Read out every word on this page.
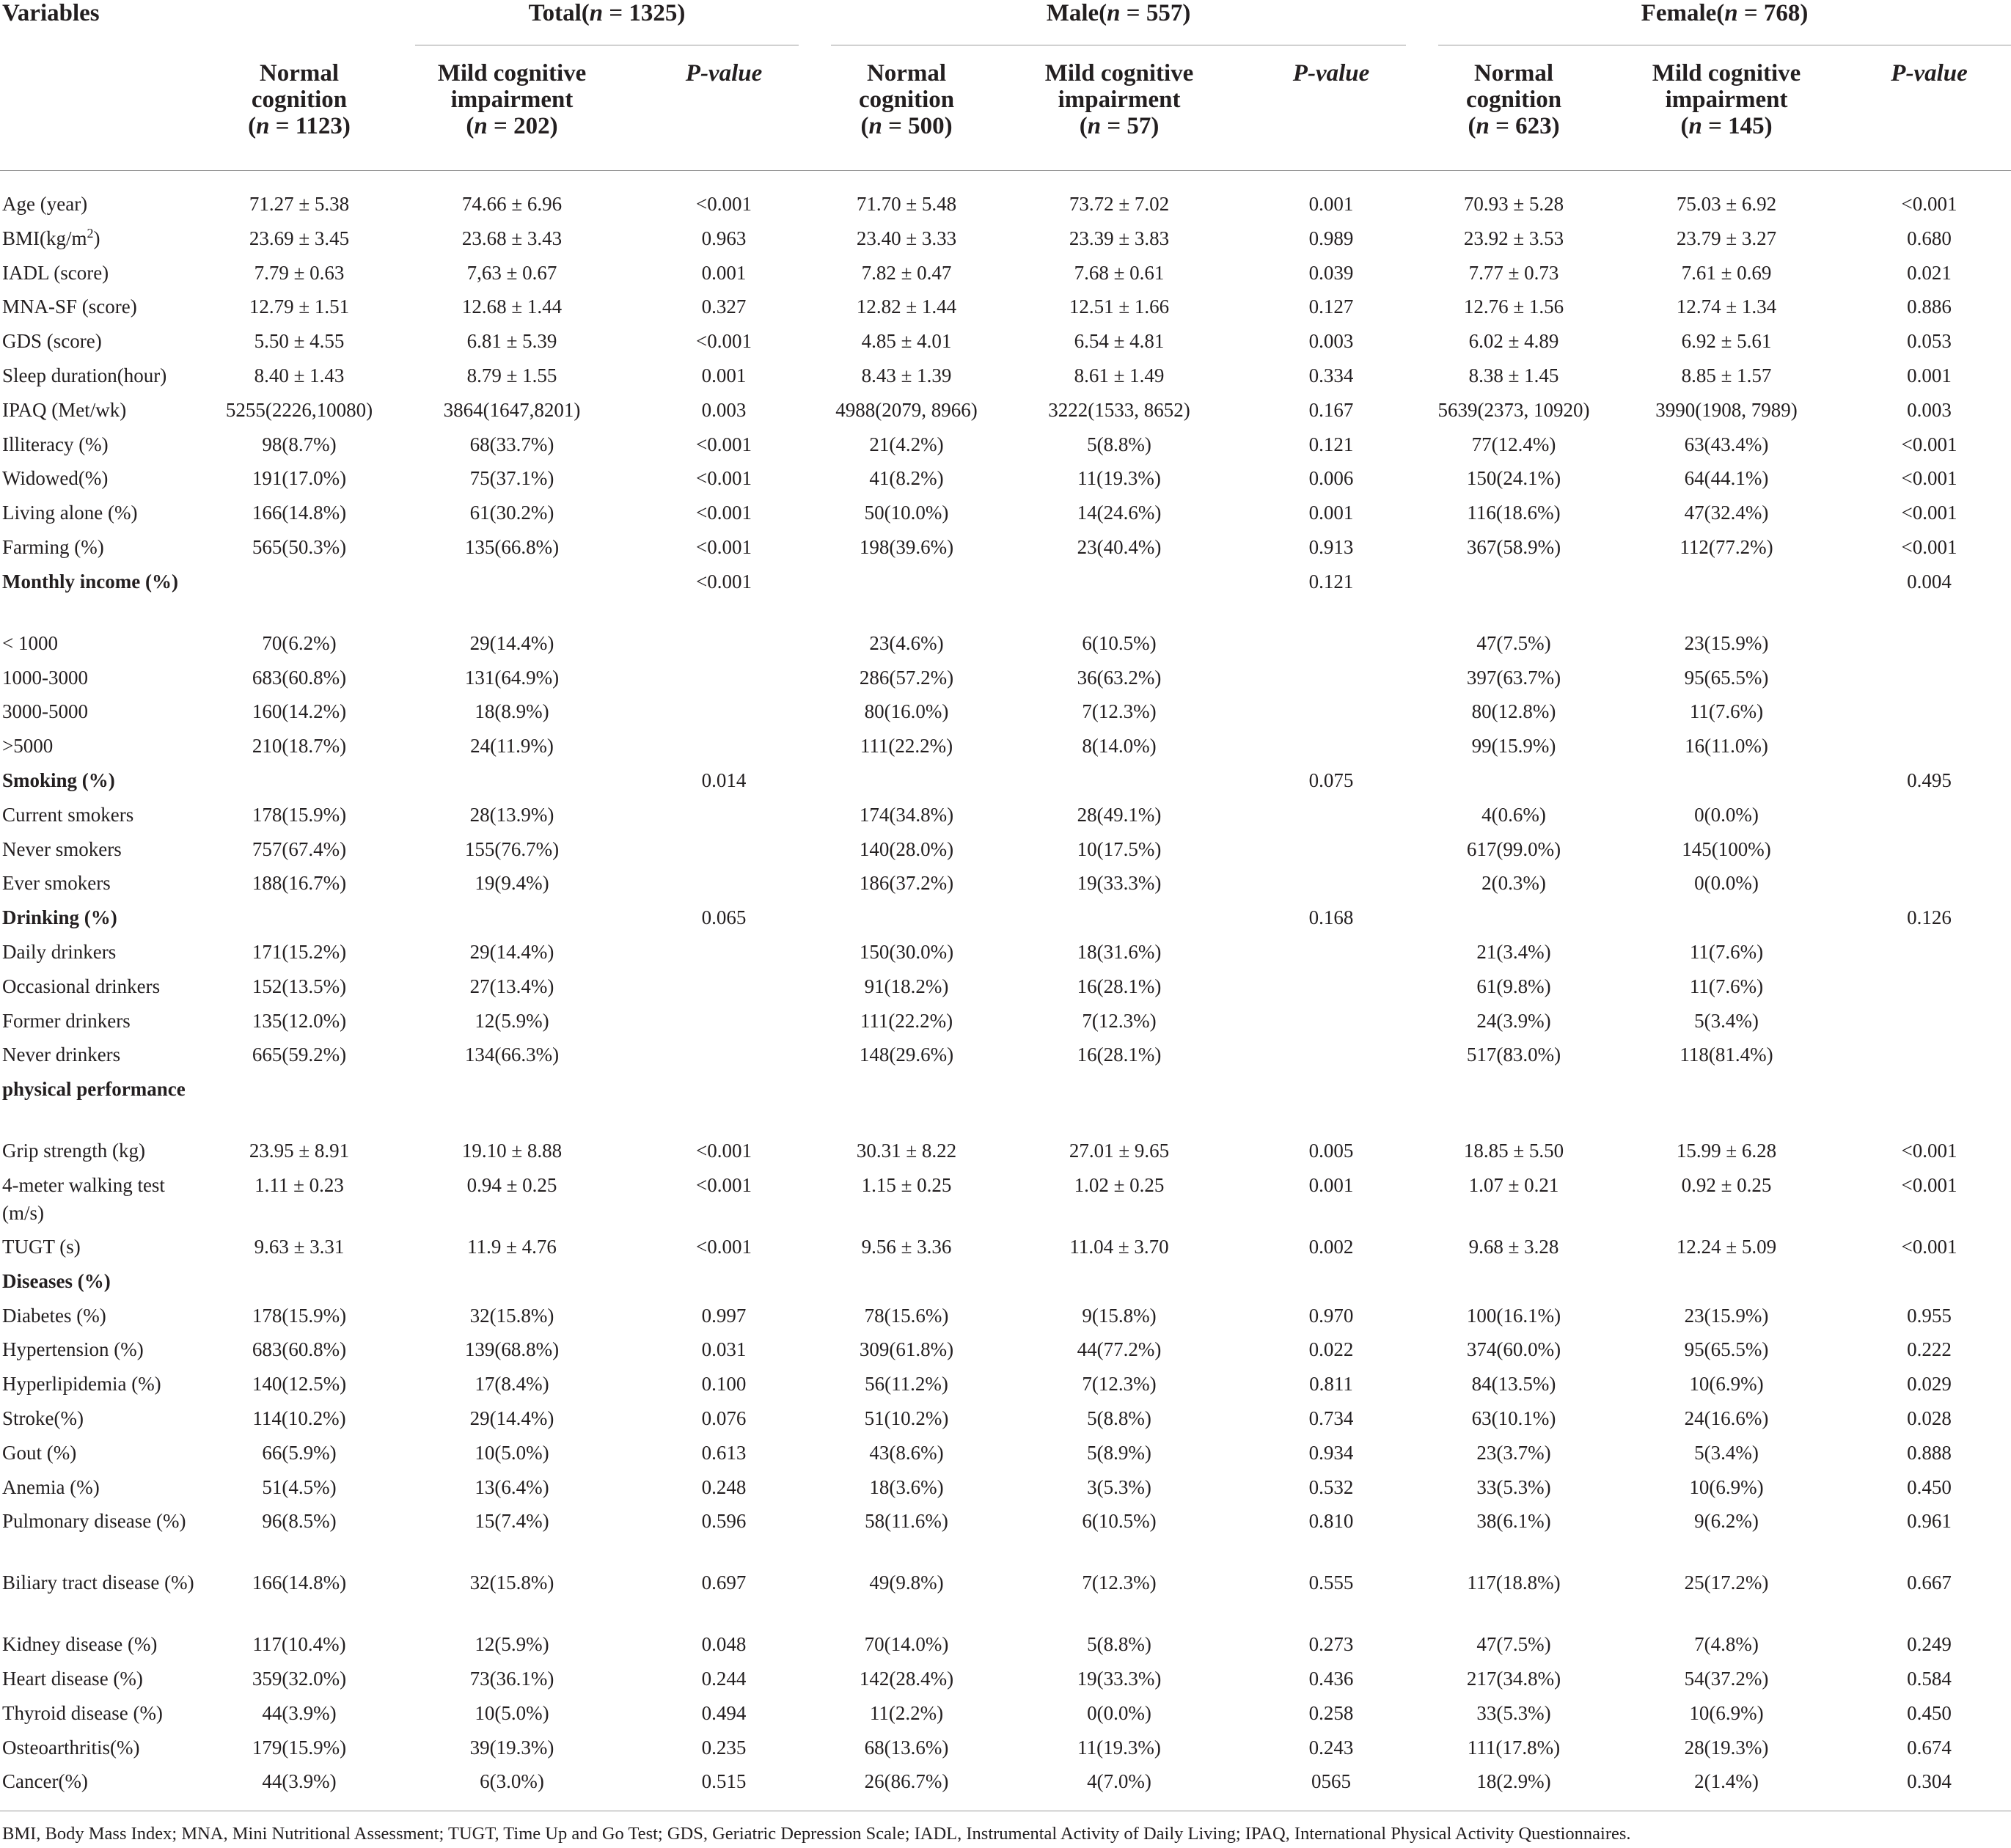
Variables	Total(n = 1325)			Male(n = 557)			Female(n = 768)		

	Normal
cognition
(n = 1123)	Mild cognitive
impairment
(n = 202)	P-value	Normal
cognition
(n = 500)	Mild cognitive
impairment
(n = 57)	P-value	Normal
cognition
(n = 623)	Mild cognitive
impairment
(n = 145)	P-value
Age (year)	71.27 ± 5.38	74.66 ± 6.96	<0.001	71.70 ± 5.48	73.72 ± 7.02	0.001	70.93 ± 5.28	75.03 ± 6.92	<0.001
$BMI(kg/m^2)$	23.69 ± 3.45	23.68 ± 3.43	0.963	23.40 ± 3.33	23.39 ± 3.83	0.989	23.92 ± 3.53	23.79 ± 3.27	0.680
IADL (score)	7.79 ± 0.63	7,63 ± 0.67	0.001	7.82 ± 0.47	7.68 ± 0.61	0.039	7.77 ± 0.73	7.61 ± 0.69	0.021
MNA-SF (score)	12.79 ± 1.51	12.68 ± 1.44	0.327	12.82 ± 1.44	12.51 ± 1.66	0.127	12.76 ± 1.56	12.74 ± 1.34	0.886
GDS (score)	5.50 ± 4.55	6.81 ± 5.39	<0.001	4.85 ± 4.01	6.54 ± 4.81	0.003	6.02 ± 4.89	6.92 ± 5.61	0.053
Sleep duration(hour)	8.40 ± 1.43	8.79 ± 1.55	0.001	8.43 ± 1.39	8.61 ± 1.49	0.334	8.38 ± 1.45	8.85 ± 1.57	0.001
IPAQ (Met/wk)	5255(2226,10080)	3864(1647,8201)	0.003	4988(2079, 8966)	3222(1533, 8652)	0.167	5639(2373, 10920)	3990(1908, 7989)	0.003
Illiteracy (%)	98(8.7%)	68(33.7%)	<0.001	21(4.2%)	5(8.8%)	0.121	77(12.4%)	63(43.4%)	<0.001
Widowed(%)	191(17.0%)	75(37.1%)	<0.001	41(8.2%)	11(19.3%)	0.006	150(24.1%)	64(44.1%)	<0.001
Living alone (%)	166(14.8%)	61(30.2%)	<0.001	50(10.0%)	14(24.6%)	0.001	116(18.6%)	47(32.4%)	<0.001
Farming (%)	565(50.3%)	135(66.8%)	<0.001	198(39.6%)	23(40.4%)	0.913	367(58.9%)	112(77.2%)	<0.001
Monthly income (%)			<0.001			0.121			0.004
< 1000	70(6.2%)	29(14.4%)		23(4.6%)	6(10.5%)		47(7.5%)	23(15.9%)	
1000-3000	683(60.8%)	131(64.9%)		286(57.2%)	36(63.2%)		397(63.7%)	95(65.5%)	
3000-5000	160(14.2%)	18(8.9%)		80(16.0%)	7(12.3%)		80(12.8%)	11(7.6%)	
>5000	210(18.7%)	24(11.9%)		111(22.2%)	8(14.0%)		99(15.9%)	16(11.0%)	
Smoking (%)			0.014			0.075			0.495
Current smokers	178(15.9%)	28(13.9%)		174(34.8%)	28(49.1%)		4(0.6%)	0(0.0%)	
Never smokers	757(67.4%)	155(76.7%)		140(28.0%)	10(17.5%)		617(99.0%)	145(100%)	
Ever smokers	188(16.7%)	19(9.4%)		186(37.2%)	19(33.3%)		2(0.3%)	0(0.0%)	
Drinking (%)			0.065			0.168			0.126
Daily drinkers	171(15.2%)	29(14.4%)		150(30.0%)	18(31.6%)		21(3.4%)	11(7.6%)	
Occasional drinkers	152(13.5%)	27(13.4%)		91(18.2%)	16(28.1%)		61(9.8%)	11(7.6%)	
Former drinkers	135(12.0%)	12(5.9%)		111(22.2%)	7(12.3%)		24(3.9%)	5(3.4%)	
Never drinkers	665(59.2%)	134(66.3%)		148(29.6%)	16(28.1%)		517(83.0%)	118(81.4%)	
physical performance									
Grip strength (kg)	23.95 ± 8.91	19.10 ± 8.88	<0.001	30.31 ± 8.22	27.01 ± 9.65	0.005	18.85 ± 5.50	15.99 ± 6.28	<0.001
4-meter walking test (m/s)	1.11 ± 0.23	0.94 ± 0.25	<0.001	1.15 ± 0.25	1.02 ± 0.25	0.001	1.07 ± 0.21	0.92 ± 0.25	<0.001
TUGT (s)	9.63 ± 3.31	11.9 ± 4.76	<0.001	9.56 ± 3.36	11.04 ± 3.70	0.002	9.68 ± 3.28	12.24 ± 5.09	<0.001
Diseases (%)									
Diabetes (%)	178(15.9%)	32(15.8%)	0.997	78(15.6%)	9(15.8%)	0.970	100(16.1%)	23(15.9%)	0.955
Hypertension (%)	683(60.8%)	139(68.8%)	0.031	309(61.8%)	44(77.2%)	0.022	374(60.0%)	95(65.5%)	0.222
Hyperlipidemia (%)	140(12.5%)	17(8.4%)	0.100	56(11.2%)	7(12.3%)	0.811	84(13.5%)	10(6.9%)	0.029
Stroke(%)	114(10.2%)	29(14.4%)	0.076	51(10.2%)	5(8.8%)	0.734	63(10.1%)	24(16.6%)	0.028
Gout (%)	66(5.9%)	10(5.0%)	0.613	43(8.6%)	5(8.9%)	0.934	23(3.7%)	5(3.4%)	0.888
Anemia (%)	51(4.5%)	13(6.4%)	0.248	18(3.6%)	3(5.3%)	0.532	33(5.3%)	10(6.9%)	0.450
Pulmonary disease (%)	96(8.5%)	15(7.4%)	0.596	58(11.6%)	6(10.5%)	0.810	38(6.1%)	9(6.2%)	0.961
Biliary tract disease (%)	166(14.8%)	32(15.8%)	0.697	49(9.8%)	7(12.3%)	0.555	117(18.8%)	25(17.2%)	0.667
Kidney disease (%)	117(10.4%)	12(5.9%)	0.048	70(14.0%)	5(8.8%)	0.273	47(7.5%)	7(4.8%)	0.249
Heart disease (%)	359(32.0%)	73(36.1%)	0.244	142(28.4%)	19(33.3%)	0.436	217(34.8%)	54(37.2%)	0.584
Thyroid disease (%)	44(3.9%)	10(5.0%)	0.494	11(2.2%)	0(0.0%)	0.258	33(5.3%)	10(6.9%)	0.450
Osteoarthritis(%)	179(15.9%)	39(19.3%)	0.235	68(13.6%)	11(19.3%)	0.243	111(17.8%)	28(19.3%)	0.674
Cancer(%)	44(3.9%)	6(3.0%)	0.515	26(86.7%)	4(7.0%)	0565	18(2.9%)	2(1.4%)	0.304
BMI, Body Mass Index; MNA, Mini Nutritional Assessment; TUGT, Time Up and Go Test; GDS, Geriatric Depression Scale; IADL, Instrumental Activity of Daily Living; IPAQ, International Physical Activity Questionnaires.
